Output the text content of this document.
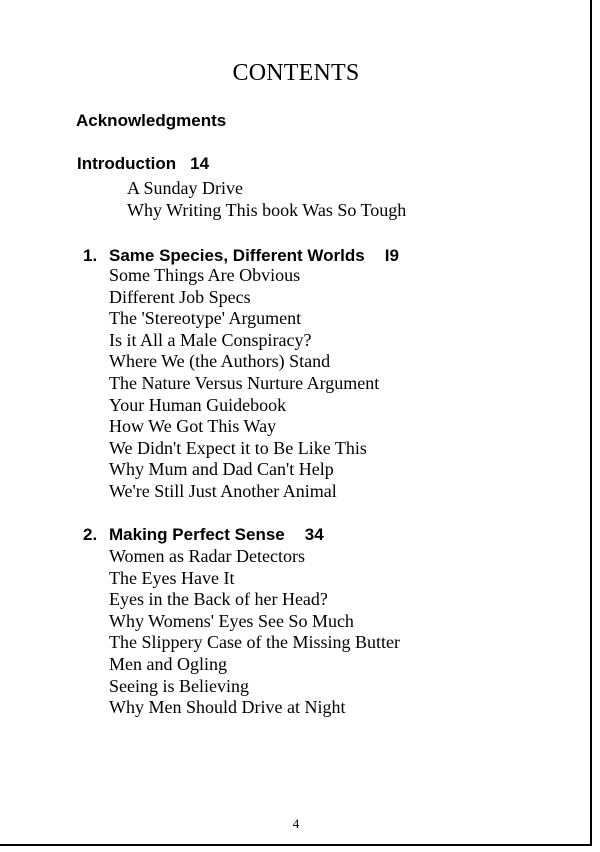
CONTENTS
Acknowledgments
Introduction 14
A Sunday Drive
Why Writing This book Was So Tough
1. Same Species, Different Worlds I9
Some Things Are Obvious
Different Job Specs
The 'Stereotype' Argument
Is it All a Male Conspiracy?
Where We (the Authors) Stand
The Nature Versus Nurture Argument
Your Human Guidebook
How We Got This Way
We Didn't Expect it to Be Like This
Why Mum and Dad Can't Help
We're Still Just Another Animal
2. Making Perfect Sense 34
Women as Radar Detectors
The Eyes Have It
Eyes in the Back of her Head?
Why Womens' Eyes See So Much
The Slippery Case of the Missing Butter
Men and Ogling
Seeing is Believing
Why Men Should Drive at Night
4
